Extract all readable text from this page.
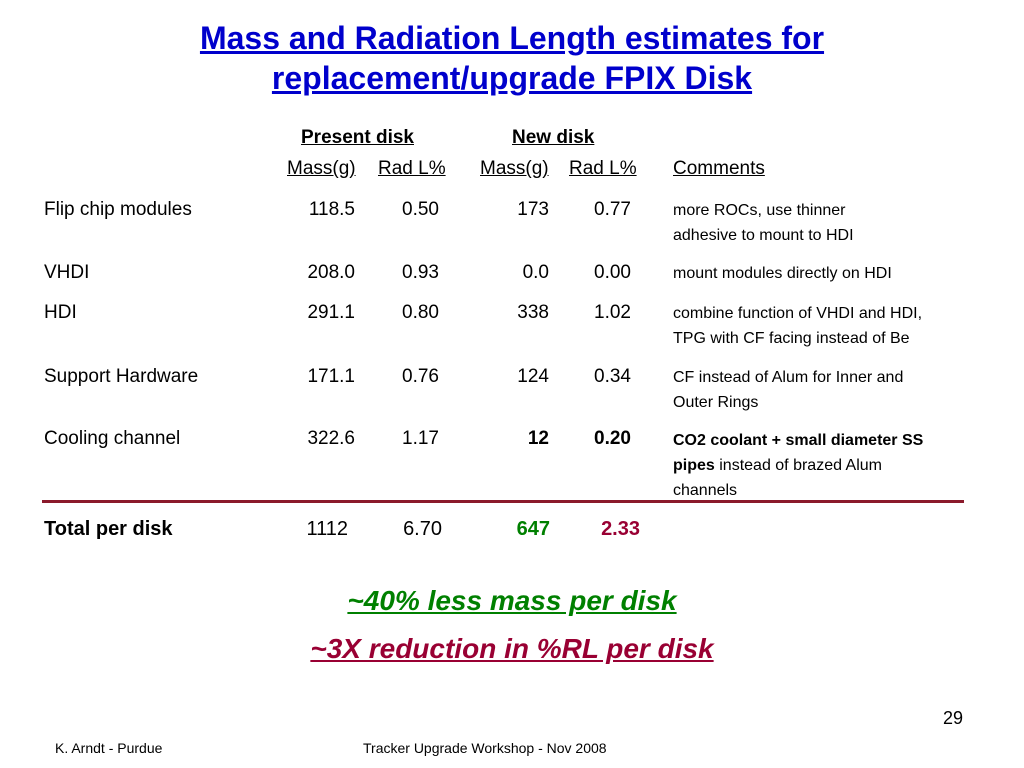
Mass and Radiation Length estimates for
replacement/upgrade FPIX Disk
Present disk	New disk
Mass(g) Rad L% Mass(g) Rad L% Comments
Flip chip modules	118.5	0.50	173	0.77	more ROCs, use thinner
adhesive to mount to HDI
VHDI	208.0	0.93	0.0	0.00	mount modules directly on HDI
HDI	291.1	0.80	338	1.02	combine function of VHDI and HDI,
TPG with CF facing instead of Be
Support Hardware	171.1	0.76	124	0.34	CF instead of Alum for Inner and
Outer Rings
Cooling channel	322.6	1.17	12	0.20	CO2 coolant + small diameter SS
pipes instead of brazed Alum
channels
Total per disk	1112	6.70	647	2.33
~40% less mass per disk
~3X reduction in %RL per disk
29
K. Arndt - Purdue	Tracker Upgrade Workshop - Nov 2008
